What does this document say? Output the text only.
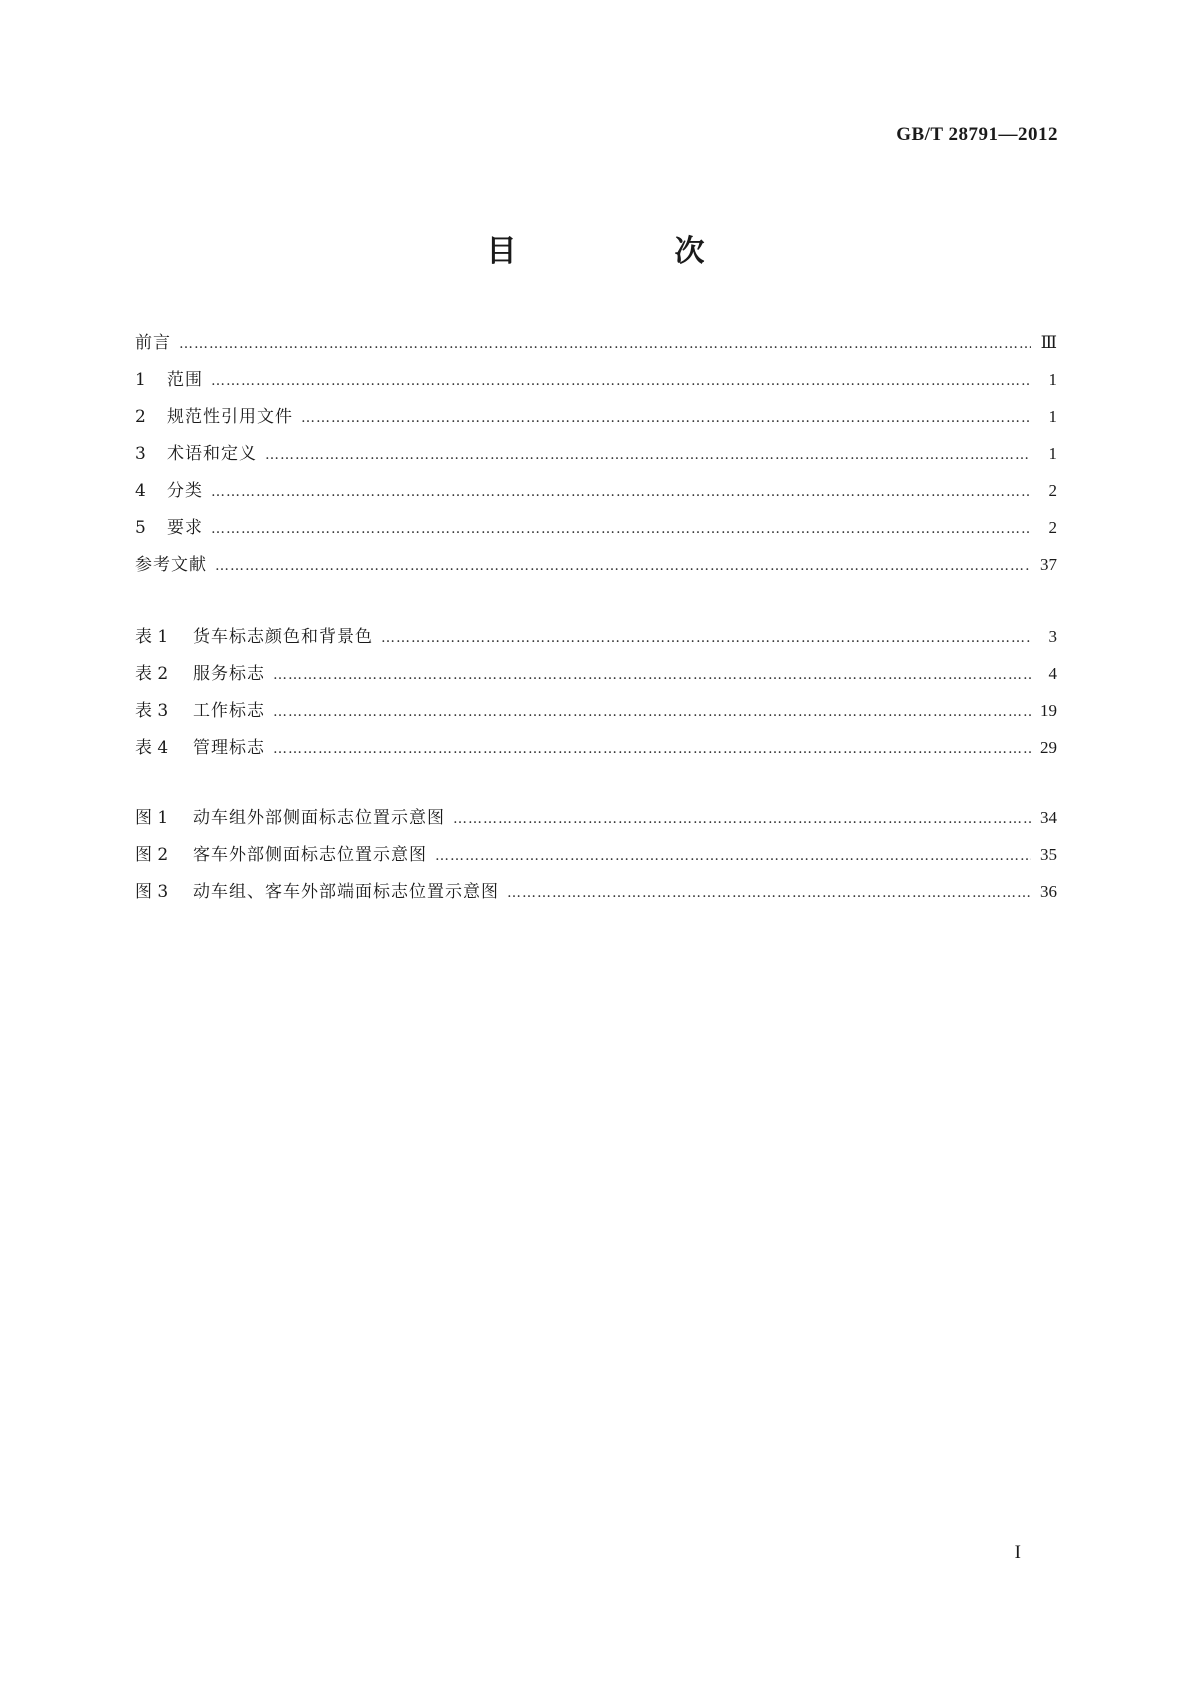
GB/T 28791—2012
目　次
前言 …………………………………………………………………………………………………………………………………………………………………………………………………………………………………………	Ⅲ
1	范围 …………………………………………………………………………………………………………………………………………………………………………………………………………………………………………	1
2	规范性引用文件 …………………………………………………………………………………………………………………………………………………………………………………………………………………………………………	1
3	术语和定义 …………………………………………………………………………………………………………………………………………………………………………………………………………………………………………	1
4	分类 …………………………………………………………………………………………………………………………………………………………………………………………………………………………………………	2
5	要求 …………………………………………………………………………………………………………………………………………………………………………………………………………………………………………	2
参考文献 …………………………………………………………………………………………………………………………………………………………………………………………………………………………………………	37
表 1	货车标志颜色和背景色 …………………………………………………………………………………………………………………………………………………………………………………………………………………………………………	3
表 2	服务标志 …………………………………………………………………………………………………………………………………………………………………………………………………………………………………………	4
表 3	工作标志 …………………………………………………………………………………………………………………………………………………………………………………………………………………………………………	19
表 4	管理标志 …………………………………………………………………………………………………………………………………………………………………………………………………………………………………………	29
图 1	动车组外部侧面标志位置示意图 …………………………………………………………………………………………………………………………………………………………………………………………………………………………………………	34
图 2	客车外部侧面标志位置示意图 …………………………………………………………………………………………………………………………………………………………………………………………………………………………………………	35
图 3	动车组、客车外部端面标志位置示意图 …………………………………………………………………………………………………………………………………………………………………………………………………………………………………………	36
I
